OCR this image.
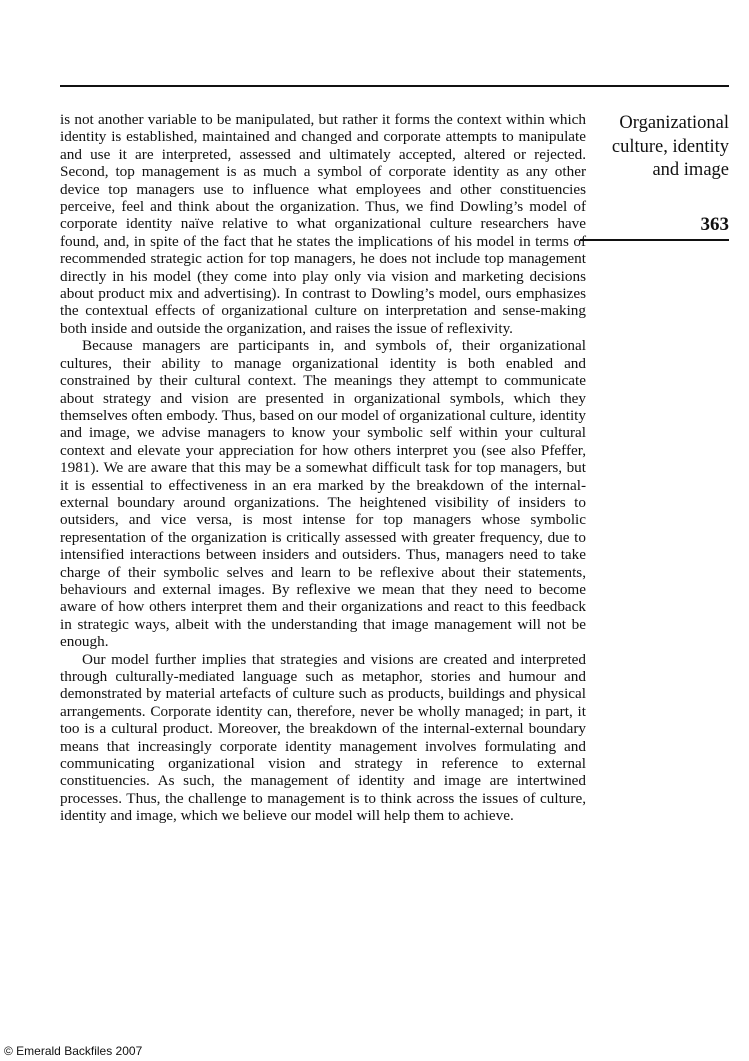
Organizational
culture, identity
and image
363

is not another variable to be manipulated, but rather it forms the context within which identity is established, maintained and changed and corporate attempts to manipulate and use it are interpreted, assessed and ultimately accepted, altered or rejected. Second, top management is as much a symbol of corporate identity as any other device top managers use to influence what employees and other constituencies perceive, feel and think about the organization. Thus, we find Dowling’s model of corporate identity naïve relative to what organizational culture researchers have found, and, in spite of the fact that he states the implications of his model in terms of recommended strategic action for top managers, he does not include top management directly in his model (they come into play only via vision and marketing decisions about product mix and advertising). In contrast to Dowling’s model, ours emphasizes the contextual effects of organizational culture on interpretation and sense-making both inside and outside the organization, and raises the issue of reflexivity.

Because managers are participants in, and symbols of, their organizational cultures, their ability to manage organizational identity is both enabled and constrained by their cultural context. The meanings they attempt to communicate about strategy and vision are presented in organizational symbols, which they themselves often embody. Thus, based on our model of organizational culture, identity and image, we advise managers to know your symbolic self within your cultural context and elevate your appreciation for how others interpret you (see also Pfeffer, 1981). We are aware that this may be a somewhat difficult task for top managers, but it is essential to effectiveness in an era marked by the breakdown of the internal-external boundary around organizations. The heightened visibility of insiders to outsiders, and vice versa, is most intense for top managers whose symbolic representation of the organization is critically assessed with greater frequency, due to intensified interactions between insiders and outsiders. Thus, managers need to take charge of their symbolic selves and learn to be reflexive about their statements, behaviours and external images. By reflexive we mean that they need to become aware of how others interpret them and their organizations and react to this feedback in strategic ways, albeit with the understanding that image management will not be enough.

Our model further implies that strategies and visions are created and interpreted through culturally-mediated language such as metaphor, stories and humour and demonstrated by material artefacts of culture such as products, buildings and physical arrangements. Corporate identity can, therefore, never be wholly managed; in part, it too is a cultural product. Moreover, the breakdown of the internal-external boundary means that increasingly corporate identity management involves formulating and communicating organizational vision and strategy in reference to external constituencies. As such, the management of identity and image are intertwined processes. Thus, the challenge to management is to think across the issues of culture, identity and image, which we believe our model will help them to achieve.

© Emerald Backfiles 2007
